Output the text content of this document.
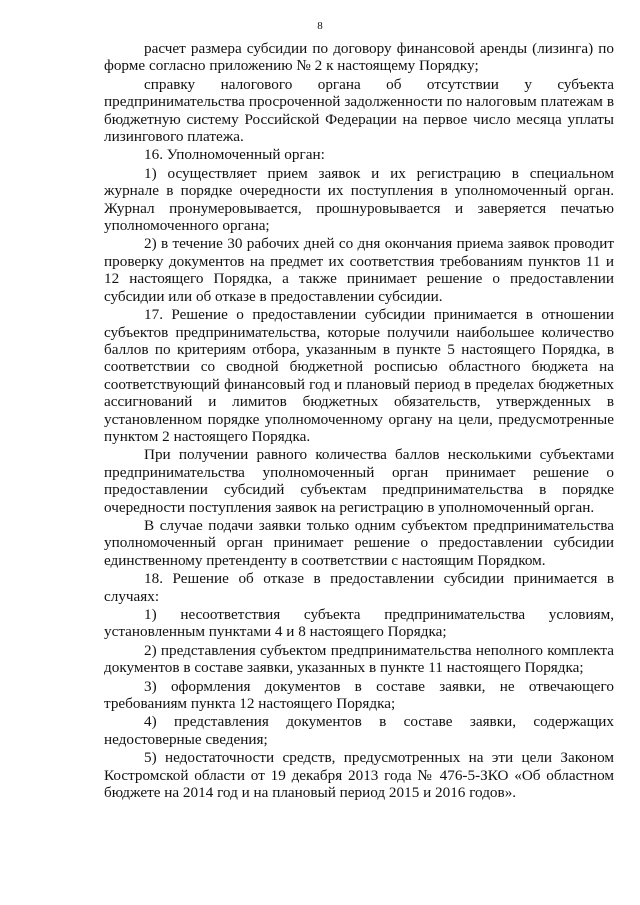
8

расчет размера субсидии по договору финансовой аренды (лизинга) по форме согласно приложению № 2 к настоящему Порядку;

справку налогового органа об отсутствии у субъекта предпринимательства просроченной задолженности по налоговым платежам в бюджетную систему Российской Федерации на первое число месяца уплаты лизингового платежа.

16. Уполномоченный орган:

1) осуществляет прием заявок и их регистрацию в специальном журнале в порядке очередности их поступления в уполномоченный орган. Журнал пронумеровывается, прошнуровывается и заверяется печатью уполномоченного органа;

2) в течение 30 рабочих дней со дня окончания приема заявок проводит проверку документов на предмет их соответствия требованиям пунктов 11 и 12 настоящего Порядка, а также принимает решение о предоставлении субсидии или об отказе в предоставлении субсидии.

17. Решение о предоставлении субсидии принимается в отношении субъектов предпринимательства, которые получили наибольшее количество баллов по критериям отбора, указанным в пункте 5 настоящего Порядка, в соответствии со сводной бюджетной росписью областного бюджета на соответствующий финансовый год и плановый период в пределах бюджетных ассигнований и лимитов бюджетных обязательств, утвержденных в установленном порядке уполномоченному органу на цели, предусмотренные пунктом 2 настоящего Порядка.

При получении равного количества баллов несколькими субъектами предпринимательства уполномоченный орган принимает решение о предоставлении субсидий субъектам предпринимательства в порядке очередности поступления заявок на регистрацию в уполномоченный орган.

В случае подачи заявки только одним субъектом предпринимательства уполномоченный орган принимает решение о предоставлении субсидии единственному претенденту в соответствии с настоящим Порядком.

18. Решение об отказе в предоставлении субсидии принимается в случаях:

1) несоответствия субъекта предпринимательства условиям, установленным пунктами 4 и 8 настоящего Порядка;

2) представления субъектом предпринимательства неполного комплекта документов в составе заявки, указанных в пункте 11 настоящего Порядка;

3) оформления документов в составе заявки, не отвечающего требованиям пункта 12 настоящего Порядка;

4) представления документов в составе заявки, содержащих недостоверные сведения;

5) недостаточности средств, предусмотренных на эти цели Законом Костромской области от 19 декабря 2013 года № 476-5-ЗКО «Об областном бюджете на 2014 год и на плановый период 2015 и 2016 годов».
